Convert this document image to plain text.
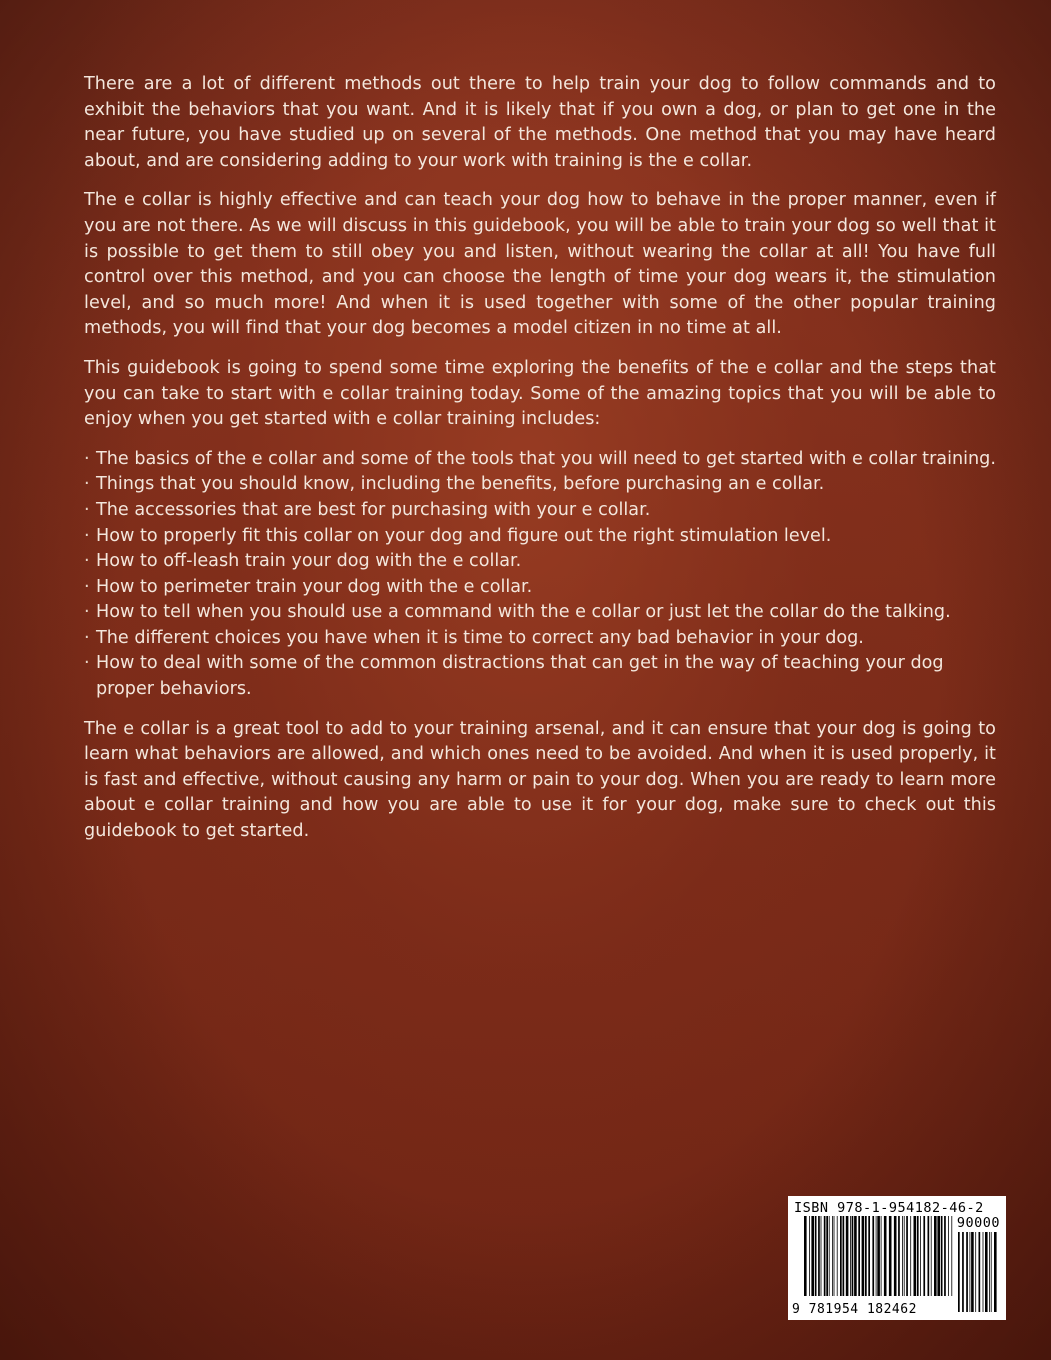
There are a lot of different methods out there to help train your dog to follow commands and to exhibit the behaviors that you want. And it is likely that if you own a dog, or plan to get one in the near future, you have studied up on several of the methods. One method that you may have heard about, and are considering adding to your work with training is the e collar.

The e collar is highly effective and can teach your dog how to behave in the proper manner, even if you are not there. As we will discuss in this guidebook, you will be able to train your dog so well that it is possible to get them to still obey you and listen, without wearing the collar at all! You have full control over this method, and you can choose the length of time your dog wears it, the stimulation level, and so much more! And when it is used together with some of the other popular training methods, you will find that your dog becomes a model citizen in no time at all.

This guidebook is going to spend some time exploring the benefits of the e collar and the steps that you can take to start with e collar training today. Some of the amazing topics that you will be able to enjoy when you get started with e collar training includes:

· The basics of the e collar and some of the tools that you will need to get started with e collar training.
· Things that you should know, including the benefits, before purchasing an e collar.
· The accessories that are best for purchasing with your e collar.
· How to properly fit this collar on your dog and figure out the right stimulation level.
· How to off-leash train your dog with the e collar.
· How to perimeter train your dog with the e collar.
· How to tell when you should use a command with the e collar or just let the collar do the talking.
· The different choices you have when it is time to correct any bad behavior in your dog.
· How to deal with some of the common distractions that can get in the way of teaching your dog proper behaviors.

The e collar is a great tool to add to your training arsenal, and it can ensure that your dog is going to learn what behaviors are allowed, and which ones need to be avoided. And when it is used properly, it is fast and effective, without causing any harm or pain to your dog. When you are ready to learn more about e collar training and how you are able to use it for your dog, make sure to check out this guidebook to get started.

ISBN 978-1-954182-46-2
90000
9 781954 182462
